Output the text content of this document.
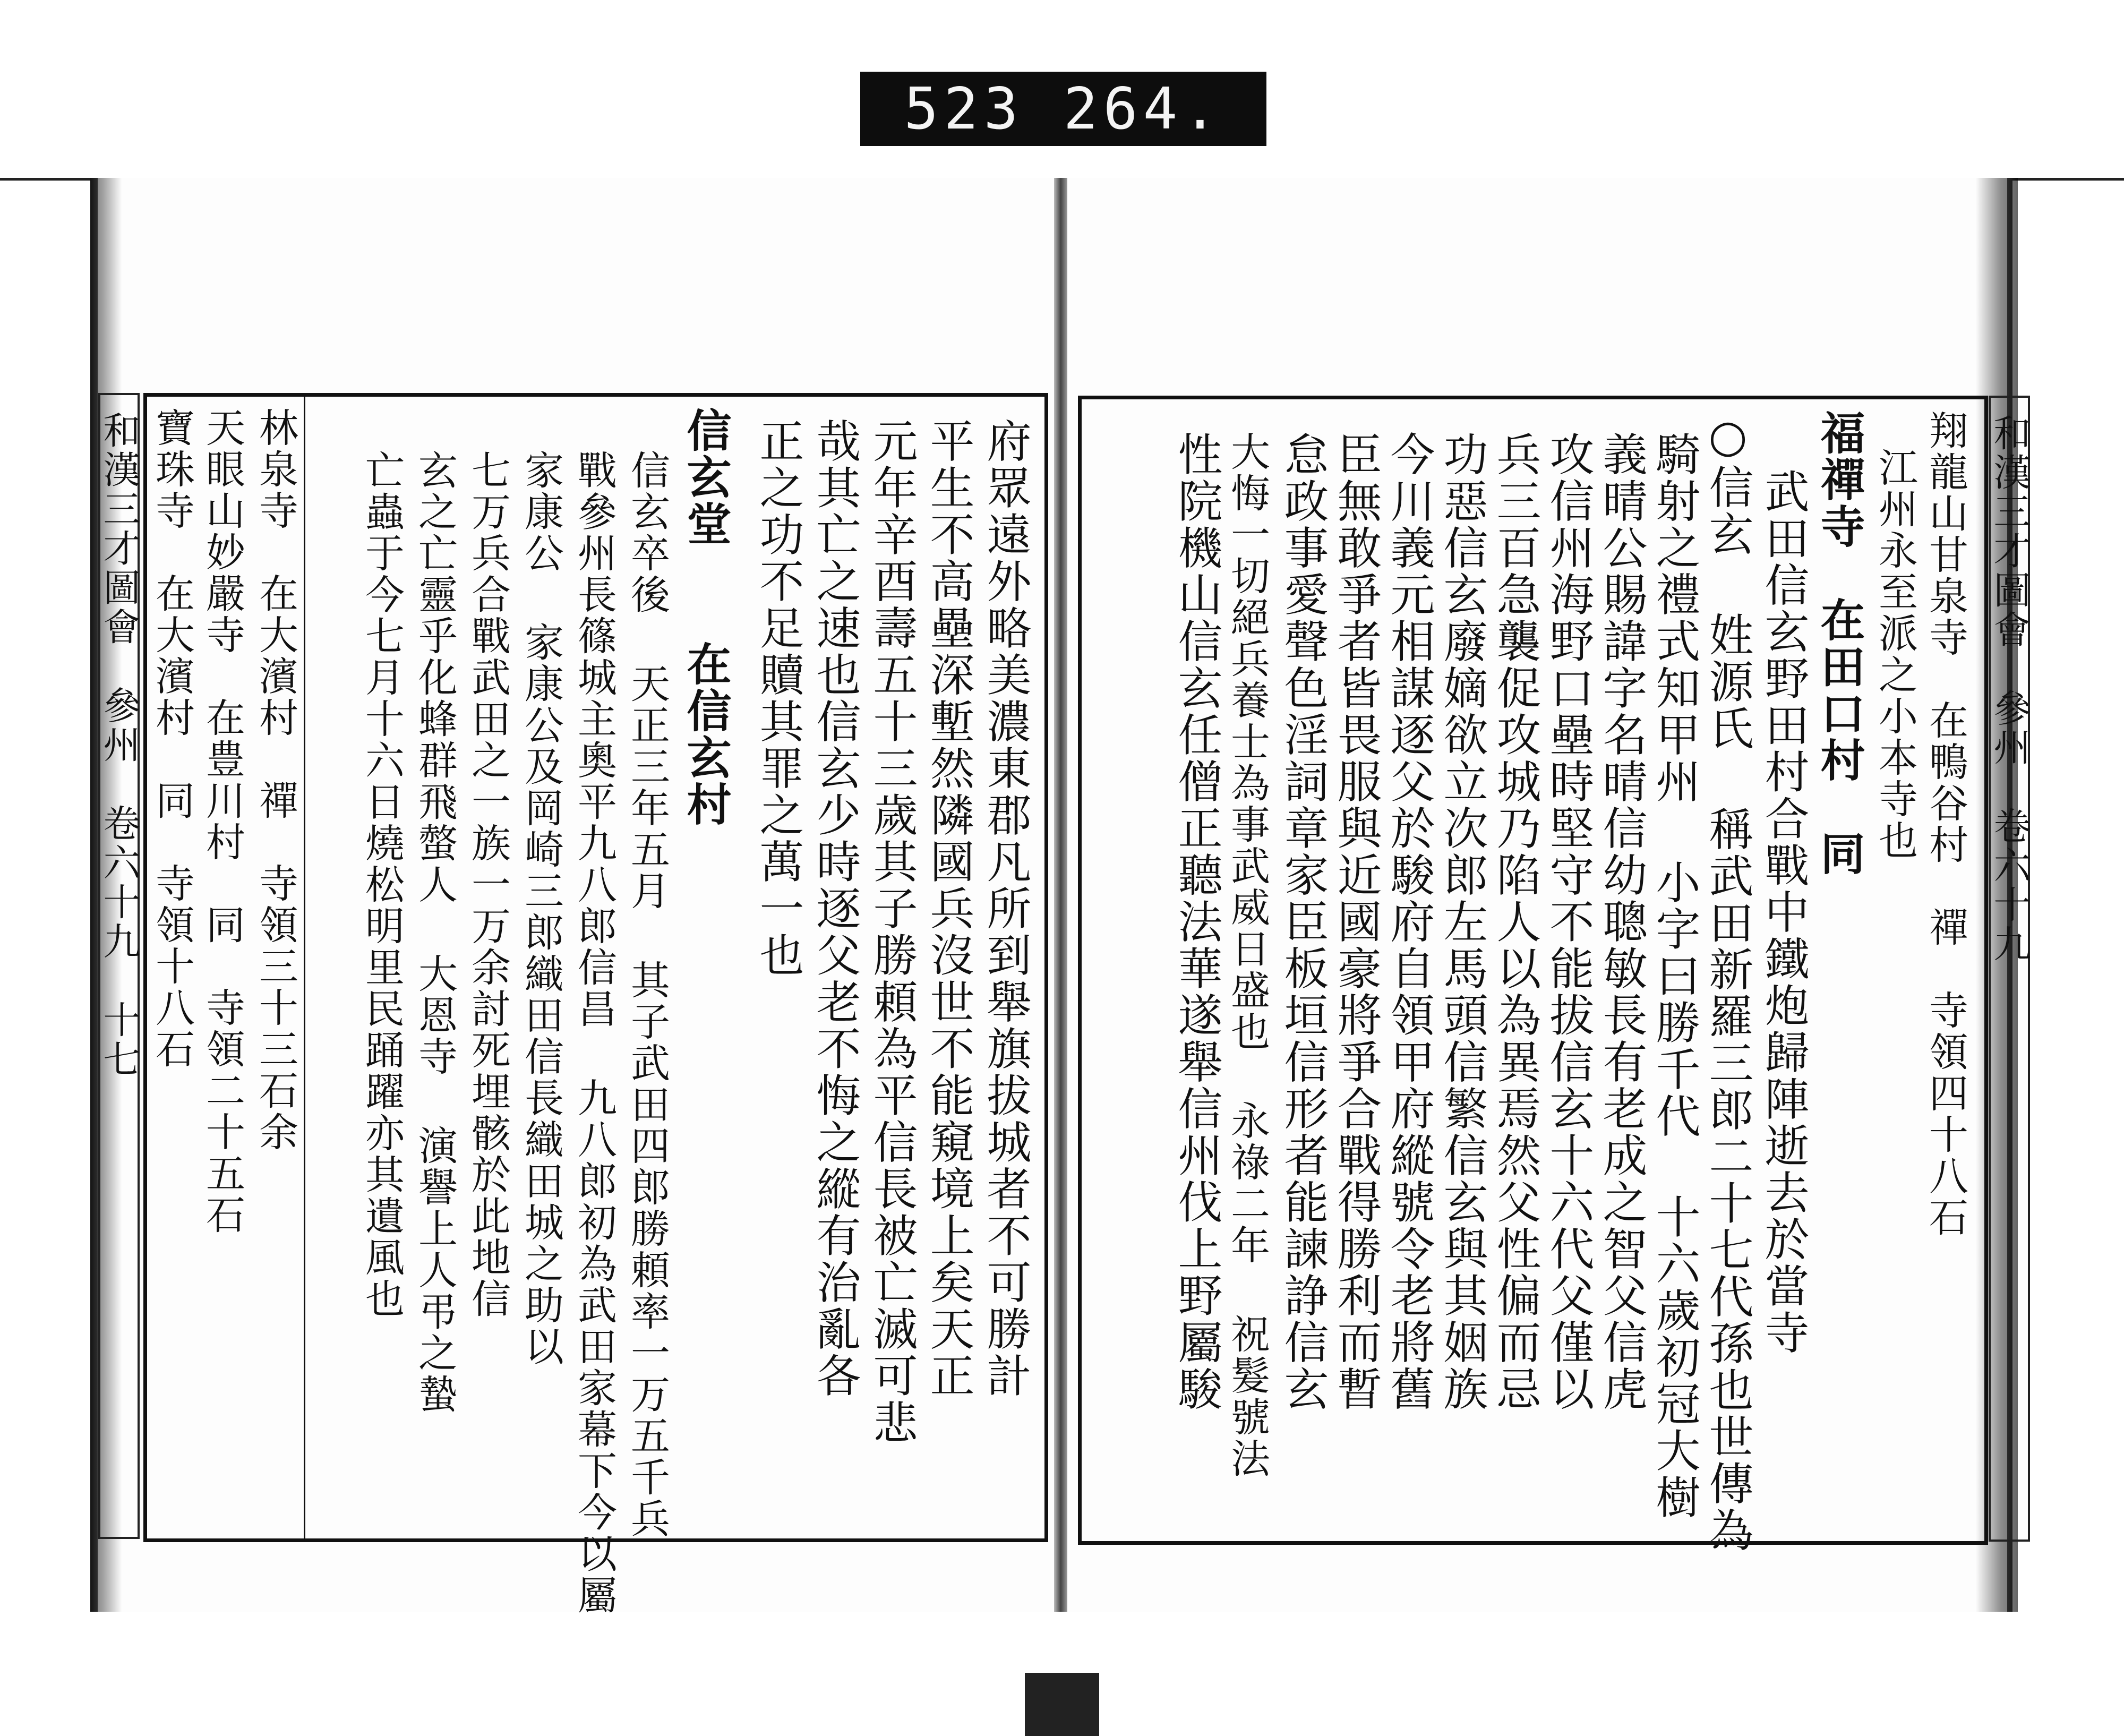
523 264.
和漢三才圖會　參州　卷六十九　十七	和漢三才圖會　參州　卷六十九
府眾遠外略美濃東郡凡所到舉旗拔城者不可勝計
平生不高壘深塹然隣國兵沒世不能窺境上矣天正
元年辛酉壽五十三歲其子勝頼為平信長被亡滅可悲
哉其亡之速也信玄少時逐父老不悔之縱有治亂各
正之功不足贖其罪之萬一也
信玄堂　　在信玄村
信玄卒後 天正三年五月 其子武田四郎勝頼率一万五千兵
戰參州長篠城主奧平九八郎信昌 九八郎初為武田家幕下今以屬
家康公 家康公及岡崎三郎織田信長織田城之助以
七万兵合戰武田之一族一万余討死埋骸於此地信
玄之亡靈乎化蜂群飛螫人 大恩寺 演譽上人弔之蟄
亡蟲于今七月十六日燒松明里民踊躍亦其遺風也
林泉寺　在大濱村　禪　寺領三十三石余
天眼山妙嚴寺　在豊川村　同　寺領二十五石
寶珠寺　在大濱村　同　寺領十八石	翔龍山甘泉寺　在鴨谷村　禪　寺領四十八石
江州永至派之小本寺也
福禪寺　在田口村　同
武田信玄野田村合戰中鐵炮歸陣逝去於當寺
○信玄 姓源氏 稱武田新羅三郎二十七代孫也世傳為
騎射之禮式知甲州 小字曰勝千代 十六歲初冠大樹
義晴公賜諱字名晴信幼聰敏長有老成之智父信虎
攻信州海野口壘時堅守不能拔信玄十六代父僅以
兵三百急襲促攻城乃陷人以為異焉然父性偏而忌
功惡信玄廢嫡欲立次郎左馬頭信繁信玄與其姻族
今川義元相謀逐父於駿府自領甲府縱號令老將舊
臣無敢爭者皆畏服與近國豪將爭合戰得勝利而暫
怠政事愛聲色淫詞章家臣板垣信形者能諫諍信玄
大悔一切絕兵養士為事武威日盛也 永祿二年 祝髮號法
性院機山信玄任僧正聽法華遂舉信州伐上野屬駿
